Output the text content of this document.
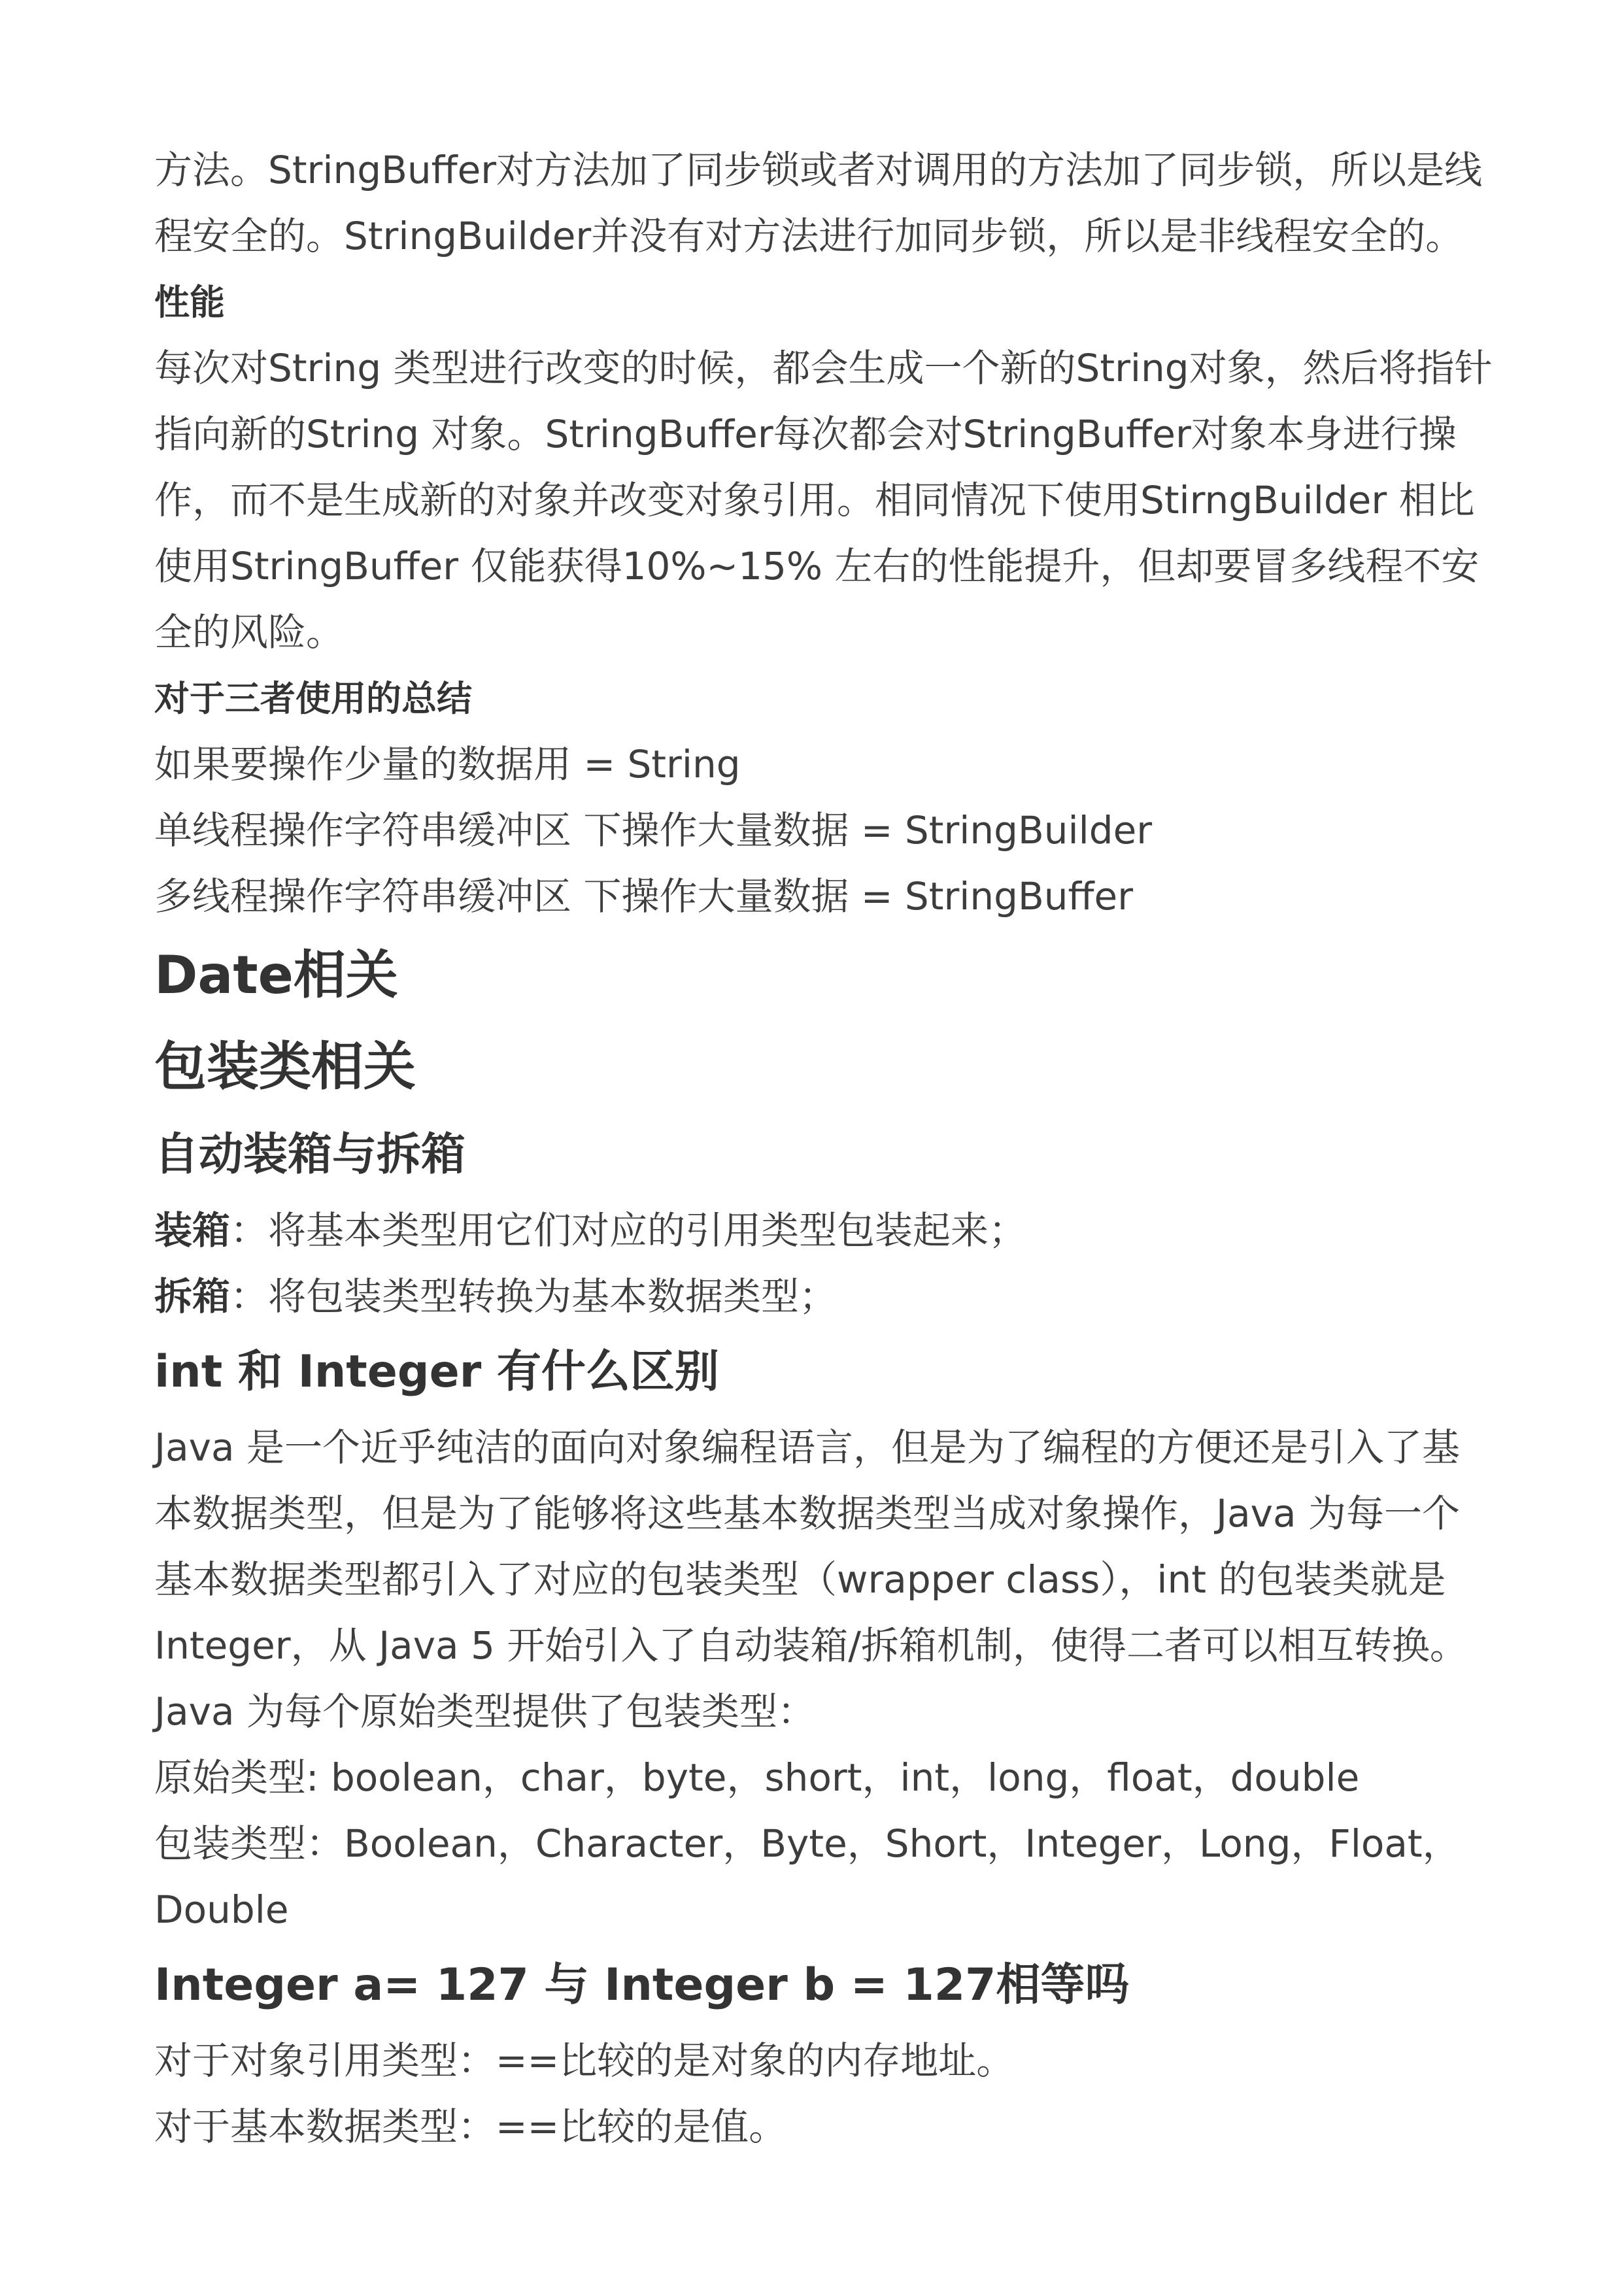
方法。StringBuffer对方法加了同步锁或者对调用的方法加了同步锁，所以是线

程安全的。StringBuilder并没有对方法进行加同步锁，所以是非线程安全的。

性能

每次对String 类型进行改变的时候，都会生成一个新的String对象，然后将指针

指向新的String 对象。StringBuffer每次都会对StringBuffer对象本身进行操

作，而不是生成新的对象并改变对象引用。相同情况下使用StirngBuilder 相比

使用StringBuffer 仅能获得10%~15% 左右的性能提升，但却要冒多线程不安

全的风险。

对于三者使用的总结

如果要操作少量的数据用 = String

单线程操作字符串缓冲区 下操作大量数据 = StringBuilder

多线程操作字符串缓冲区 下操作大量数据 = StringBuffer

Date相关
包装类相关
自动装箱与拆箱

装箱：将基本类型用它们对应的引用类型包装起来；

拆箱：将包装类型转换为基本数据类型；

int 和 Integer 有什么区别

Java 是一个近乎纯洁的面向对象编程语言，但是为了编程的方便还是引入了基

本数据类型，但是为了能够将这些基本数据类型当成对象操作，Java 为每一个

基本数据类型都引入了对应的包装类型（wrapper class），int 的包装类就是

Integer，从 Java 5 开始引入了自动装箱/拆箱机制，使得二者可以相互转换。

Java 为每个原始类型提供了包装类型：

原始类型: boolean，char，byte，short，int，long，float，double

包装类型：Boolean，Character，Byte，Short，Integer，Long，Float，

Double

Integer a= 127 与 Integer b = 127相等吗

对于对象引用类型：==比较的是对象的内存地址。

对于基本数据类型：==比较的是值。
